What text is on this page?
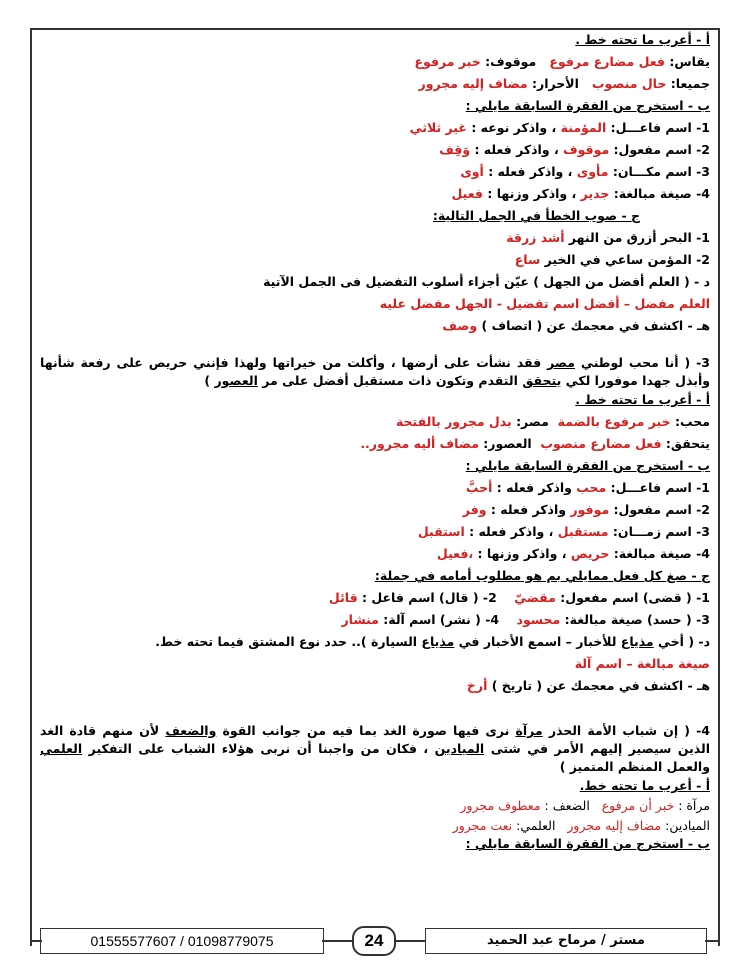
أ - أعرب ما تحته خط .
يقاس: فعل مضارع مرفوع   موقوف: خبر مرفوع
جميعا: حال منصوب   الأحرار: مضاف إليه مجرور
ب - استخرج من الفقرة السابقة مايلي :
1- اسم فاعـــل: المؤمنة ، واذكر نوعه : غير ثلاثي
2- اسم مفعول: موقوف ، واذكر فعله : وَقِف
3- اسم مكـــان: مأوى ، واذكر فعله : أوى
4- صيغة مبالغة: جدير ، واذكر وزنها : فعيل
ج - صوب الخطأ في الجمل التالية:
1- البحر أزرق من النهر أشد زرقة
2- المؤمن ساعي في الخير ساع
د - ( العلم أفضل من الجهل ) عيّن أجزاء أسلوب التفضيل فى الجمل الآتية
العلم مفضل – أفضل اسم تفضيل - الجهل مفضل عليه
هـ - اكشف في معجمك عن ( اتصاف ) وصف
3- ( أنا محب لوطني مصر فقد نشأت على أرضها ، وأكلت من خيراتها ولهذا فإنني حريص على رفعة شأنها وأبذل جهدا موفورا لكي يتحقق التقدم وتكون ذات مستقبل أفضل على مر العصور )
أ - أعرب ما تحته خط .
محب: خبر مرفوع بالضمة  مصر: بدل مجرور بالفتحة
يتحقق: فعل مضارع منصوب  العصور: مضاف أليه مجرور..
ب - استخرج من الفقرة السابقة مايلي :
1- اسم فاعـــل: محب واذكر فعله : أحبَّ
2- اسم مفعول: موفور واذكر فعله : وفر
3- اسم زمـــان: مستقبل ، واذكر فعله : استقبل
4- صيغة مبالغة: حريص ، واذكر وزنها : ،فعيل
ج - صغ كل فعل ممايلي بم هو مطلوب أمامه في جملة:
1- ( قضى) اسم مفعول: مقضيّ    2- ( قال) اسم فاعل : قائل
3- ( حسد) صيغة مبالغة: محسود    4- ( نشر) اسم آلة: منشار
د- ( أخي مذياع للأخبار – اسمع الأخبار في مذياع السيارة ).. حدد نوع المشتق فيما تحته خط.
صيغة مبالغة – اسم آلة
هـ - اكشف في معجمك عن ( تاريخ ) أرخ
4- ( إن شباب الأمة الحذر مرآة نرى فيها صورة الغد بما فيه من جوانب القوة والضعف لأن منهم قادة الغد الذين سيصير إليهم الأمر في شتى الميادين ، فكان من واجبنا أن نربى هؤلاء الشباب على التفكير العلمي والعمل المنظم المتميز )
أ - أعرب ما تحته خط.
مرآة : خبر أن مرفوع   الضعف : معطوف مجرور
الميادين: مضاف إليه مجرور   العلمي: نعت مجرور
ب - استخرج من الفقرة السابقة مايلي :
01555577607 / 01098779075	24	مستر / مرماح عبد الحميد
